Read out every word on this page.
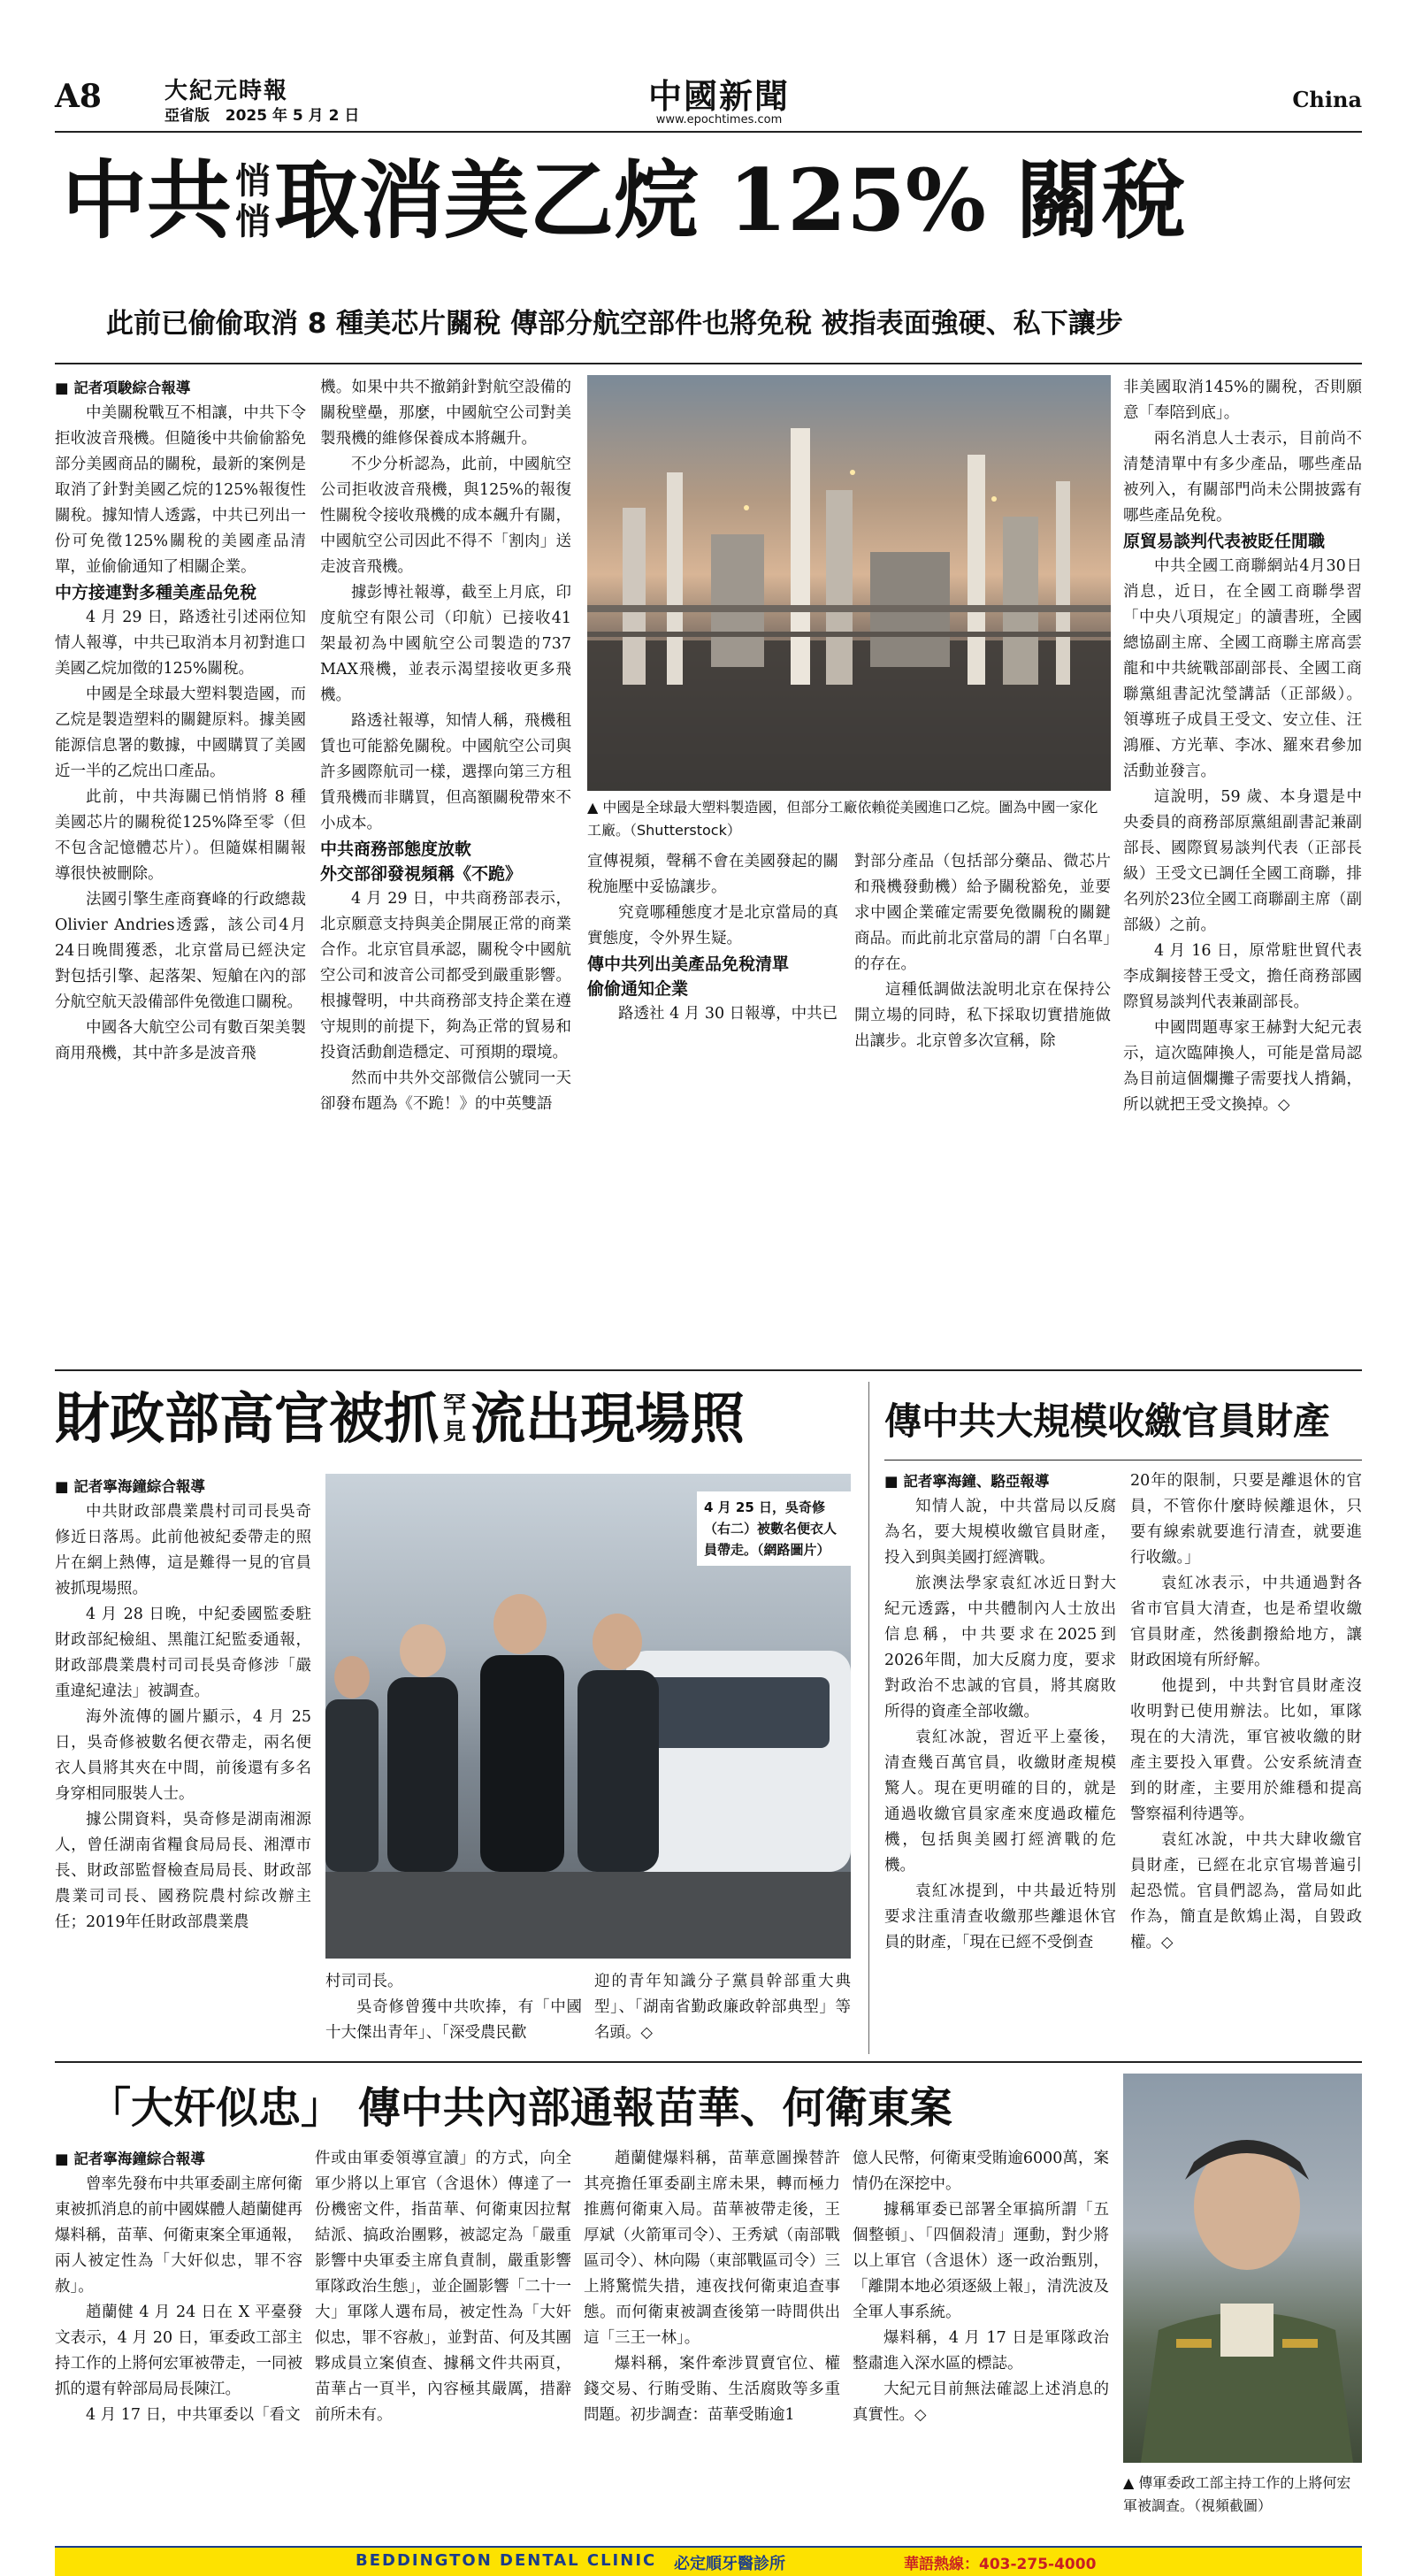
A8	大紀元時報
亞省版 2025 年 5 月 2 日	中國新聞
www.epochtimes.com
China
中共 悄
悄取消美乙烷 125% 關稅
此前已偷偷取消 8 種美芯片關稅 傳部分航空部件也將免稅 被指表面強硬、私下讓步

■ 記者項駿綜合報導

中美關稅戰互不相讓，中共下令拒收波音飛機。但隨後中共偷偷豁免部分美國商品的關稅，最新的案例是取消了針對美國乙烷的125%報復性關稅。據知情人透露，中共已列出一份可免徵125%關稅的美國產品清單，並偷偷通知了相關企業。

中方接連對多種美產品免稅

4 月 29 日，路透社引述兩位知情人報導，中共已取消本月初對進口美國乙烷加徵的125%關稅。

中國是全球最大塑料製造國，而乙烷是製造塑料的關鍵原料。據美國能源信息署的數據，中國購買了美國近一半的乙烷出口產品。

此前，中共海關已悄悄將 8 種美國芯片的關稅從125%降至零（但不包含記憶體芯片）。但隨媒相關報導很快被刪除。

法國引擎生產商賽峰的行政總裁Olivier Andries透露，該公司4月24日晚間獲悉，北京當局已經決定對包括引擎、起落架、短艙在內的部分航空航天設備部件免徵進口關稅。

中國各大航空公司有數百架美製商用飛機，其中許多是波音飛

機。如果中共不撤銷針對航空設備的關稅壁壘，那麼，中國航空公司對美製飛機的維修保養成本將飆升。

不少分析認為，此前，中國航空公司拒收波音飛機，與125%的報復性關稅令接收飛機的成本飆升有關，中國航空公司因此不得不「割肉」送走波音飛機。

據彭博社報導，截至上月底，印度航空有限公司（印航）已接收41架最初為中國航空公司製造的737 MAX飛機，並表示渴望接收更多飛機。

路透社報導，知情人稱，飛機租賃也可能豁免關稅。中國航空公司與許多國際航司一樣，選擇向第三方租賃飛機而非購買，但高額關稅帶來不小成本。

中共商務部態度放軟
外交部卻發視頻稱《不跪》

4 月 29 日，中共商務部表示，北京願意支持與美企開展正常的商業合作。北京官員承認，關稅令中國航空公司和波音公司都受到嚴重影響。根據聲明，中共商務部支持企業在遵守規則的前提下，夠為正常的貿易和投資活動創造穩定、可預期的環境。

然而中共外交部微信公號同一天卻發布題為《不跪！》的中英雙語

▲ 中國是全球最大塑料製造國，但部分工廠依賴從美國進口乙烷。圖為中國一家化工廠。（Shutterstock）

宣傳視頻，聲稱不會在美國發起的關稅施壓中妥協讓步。

究竟哪種態度才是北京當局的真實態度，令外界生疑。

傳中共列出美產品免稅清單
偷偷通知企業

路透社 4 月 30 日報導，中共已

對部分產品（包括部分藥品、微芯片和飛機發動機）給予關稅豁免，並要求中國企業確定需要免徵關稅的關鍵商品。而此前北京當局的謂「白名單」的存在。

這種低調做法說明北京在保持公開立場的同時，私下採取切實措施做出讓步。北京曾多次宣稱，除

非美國取消145%的關稅，否則願意「奉陪到底」。

兩名消息人士表示，目前尚不清楚清單中有多少產品，哪些產品被列入，有關部門尚未公開披露有哪些產品免稅。

原貿易談判代表被貶任閒職

中共全國工商聯網站4月30日消息，近日，在全國工商聯學習「中央八項規定」的讀書班，全國總協副主席、全國工商聯主席高雲龍和中共統戰部副部長、全國工商聯黨組書記沈瑩講話（正部級）。領導班子成員王受文、安立佳、汪鴻雁、方光華、李冰、羅來君參加活動並發言。

這說明，59 歲、本身還是中央委員的商務部原黨組副書記兼副部長、國際貿易談判代表（正部長級）王受文已調任全國工商聯，排名列於23位全國工商聯副主席（副部級）之前。

4 月 16 日，原常駐世貿代表李成鋼接替王受文，擔任商務部國際貿易談判代表兼副部長。

中國問題專家王赫對大紀元表示，這次臨陣換人，可能是當局認為目前這個爛攤子需要找人揹鍋，所以就把王受文換掉。◇

財政部高官被抓 罕
見流出現場照

■ 記者寧海鐘綜合報導

中共財政部農業農村司司長吳奇修近日落馬。此前他被紀委帶走的照片在網上熱傳，這是難得一見的官員被抓現場照。

4 月 28 日晚，中紀委國監委駐財政部紀檢組、黑龍江紀監委通報，財政部農業農村司司長吳奇修涉「嚴重違紀違法」被調查。

海外流傳的圖片顯示，4 月 25 日，吳奇修被數名便衣帶走，兩名便衣人員將其夾在中間，前後還有多名身穿相同服裝人士。

據公開資料，吳奇修是湖南湘源人，曾任湖南省糧食局局長、湘潭市長、財政部監督檢查局局長、財政部農業司司長、國務院農村綜改辦主任；2019年任財政部農業農

4 月 25 日，吳奇修（右二）被數名便衣人員帶走。（網路圖片）

村司司長。

吳奇修曾獲中共吹捧，有「中國十大傑出青年」、「深受農民歡

迎的青年知識分子黨員幹部重大典型」、「湖南省勤政廉政幹部典型」等名頭。◇

傳中共大規模收繳官員財產

■ 記者寧海鐘、駱亞報導

知情人說，中共當局以反腐為名，要大規模收繳官員財產，投入到與美國打經濟戰。

旅澳法學家袁紅冰近日對大紀元透露，中共體制內人士放出信息稱，中共要求在2025到2026年間，加大反腐力度，要求對政治不忠誠的官員，將其腐敗所得的資產全部收繳。

袁紅冰說，習近平上臺後，清查幾百萬官員，收繳財產規模驚人。現在更明確的目的，就是通過收繳官員家產來度過政權危機，包括與美國打經濟戰的危機。

袁紅冰提到，中共最近特別要求注重清查收繳那些離退休官員的財產，「現在已經不受倒查

20年的限制，只要是離退休的官員，不管你什麼時候離退休，只要有線索就要進行清查，就要進行收繳。」

袁紅冰表示，中共通過對各省市官員大清查，也是希望收繳官員財產，然後劃撥給地方，讓財政困境有所紓解。

他提到，中共對官員財產沒收明對已使用辦法。比如，軍隊現在的大清洗，軍官被收繳的財產主要投入軍費。公安系統清查到的財產，主要用於維穩和提高警察福利待遇等。

袁紅冰說，中共大肆收繳官員財產，已經在北京官場普遍引起恐慌。官員們認為，當局如此作為，簡直是飲鴆止渴，自毀政權。◇

「大奸似忠」 傳中共內部通報苗華、何衛東案

■ 記者寧海鐘綜合報導

曾率先發布中共軍委副主席何衛東被抓消息的前中國媒體人趙蘭健再爆料稱，苗華、何衛東案全軍通報，兩人被定性為「大奸似忠，罪不容赦」。

趙蘭健 4 月 24 日在 X 平臺發文表示，4 月 20 日，軍委政工部主持工作的上將何宏軍被帶走，一同被抓的還有幹部局局長陳江。

4 月 17 日，中共軍委以「看文

件或由軍委領導宣讀」的方式，向全軍少將以上軍官（含退休）傳達了一份機密文件，指苗華、何衛東因拉幫結派、搞政治團夥，被認定為「嚴重影響中央軍委主席負責制，嚴重影響軍隊政治生態」，並企圖影響「二十一大」軍隊人選布局，被定性為「大奸似忠，罪不容赦」，並對苗、何及其團夥成員立案偵查、據稱文件共兩頁，苗華占一頁半，內容極其嚴厲，措辭前所未有。

趙蘭健爆料稱，苗華意圖操替許其亮擔任軍委副主席未果，轉而極力推薦何衛東入局。苗華被帶走後，王厚斌（火箭軍司令）、王秀斌（南部戰區司令）、林向陽（東部戰區司令）三上將驚慌失措，連夜找何衛東追查事態。而何衛東被調查後第一時間供出這「三王一林」。

爆料稱，案件牽涉買賣官位、權錢交易、行賄受賄、生活腐敗等多重問題。初步調查：苗華受賄逾1

億人民幣，何衛東受賄逾6000萬，案情仍在深挖中。

據稱軍委已部署全軍搞所謂「五個整頓」、「四個殺清」運動，對少將以上軍官（含退休）逐一政治甄別，「離開本地必須逐級上報」，清洗波及全軍人事系統。

爆料稱，4 月 17 日是軍隊政治整肅進入深水區的標誌。

大紀元目前無法確認上述消息的真實性。◇

▲ 傳軍委政工部主持工作的上將何宏軍被調查。（視頻截圖）
BEDDINGTON DENTAL CLINIC 必定順牙醫診所	華語熱線：403-275-4000
